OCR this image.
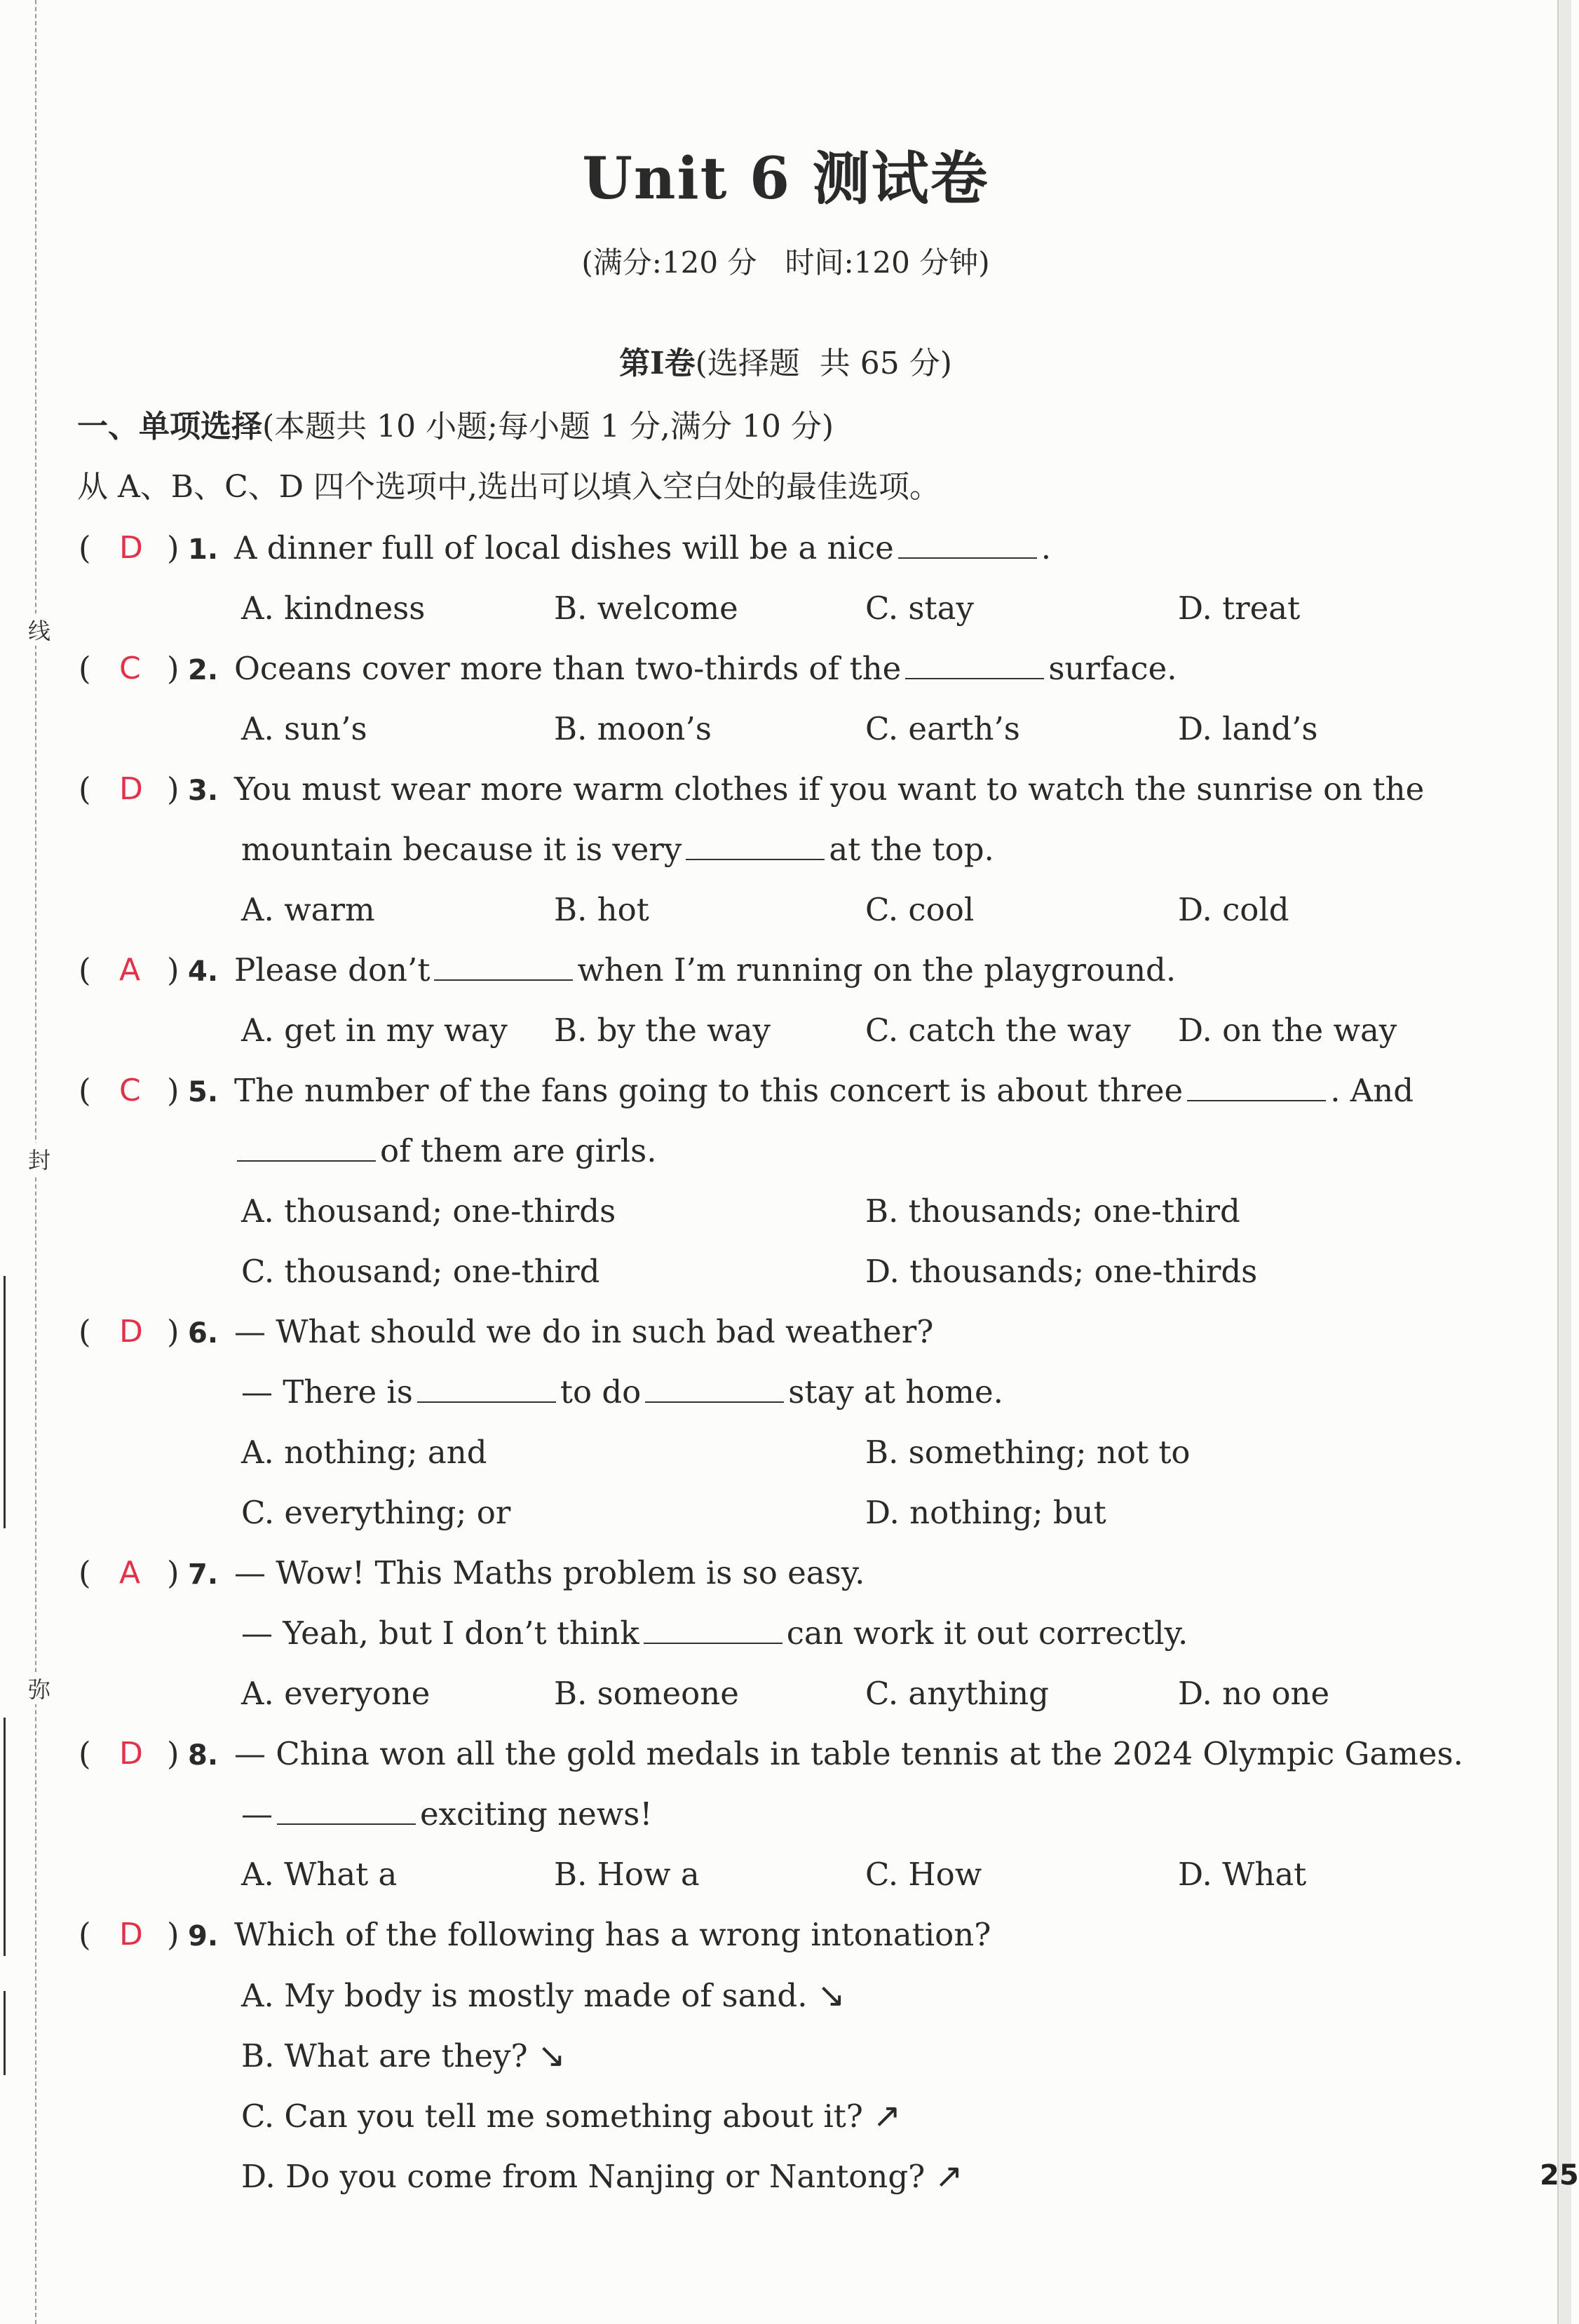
线
封
弥
25
Unit 6 测试卷
(满分:120 分   时间:120 分钟)
第Ⅰ卷(选择题  共 65 分)
一、单项选择(本题共 10 小题;每小题 1 分,满分 10 分)
从 A、B、C、D 四个选项中,选出可以填入空白处的最佳选项。
( D ) 1. A dinner full of local dishes will be a nice	.
A. kindness	B. welcome	C. stay	D. treat
( C ) 2. Oceans cover more than two-thirds of the	surface.
A. sun’s	B. moon’s	C. earth’s	D. land’s
( D ) 3. You must wear more warm clothes if you want to watch the sunrise on the
mountain because it is very	at the top.
A. warm	B. hot	C. cool	D. cold
( A ) 4. Please don’t	when I’m running on the playground.
A. get in my way B. by the way	C. catch the way D. on the way
( C ) 5. The number of the fans going to this concert is about three	. And
of them are girls.
A. thousand; one-thirds	B. thousands; one-third
C. thousand; one-third	D. thousands; one-thirds
( D ) 6. — What should we do in such bad weather?
— There is	to do	stay at home.
A. nothing; and	B. something; not to
C. everything; or	D. nothing; but
( A ) 7. — Wow! This Maths problem is so easy.
— Yeah, but I don’t think	can work it out correctly.
A. everyone	B. someone	C. anything	D. no one
( D ) 8. — China won all the gold medals in table tennis at the 2024 Olympic Games.
—	exciting news!
A. What a	B. How a	C. How	D. What
( D ) 9. Which of the following has a wrong intonation?
A. My body is mostly made of sand. ↘
B. What are they? ↘
C. Can you tell me something about it? ↗
D. Do you come from Nanjing or Nantong? ↗
